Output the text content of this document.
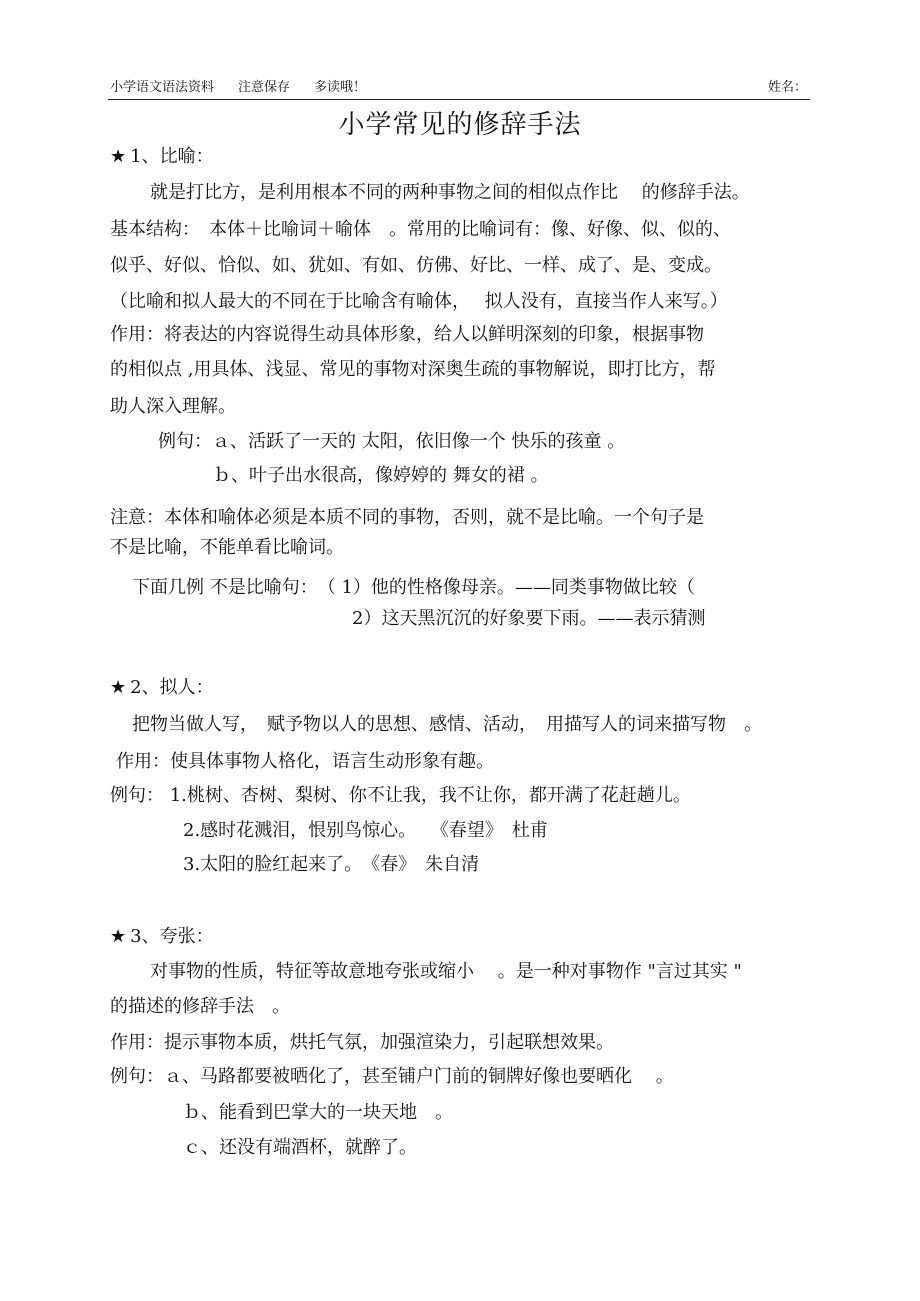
小学语文语法资料 注意保存 多读哦！	姓名：
小学常见的修辞手法
★ 1、比喻：
就是打比方，是利用根本不同的两种事物之间的相似点作比　 的修辞手法。
基本结构：　本体＋比喻词＋喻体　。常用的比喻词有：像、好像、似、似的、
似乎、好似、恰似、如、犹如、有如、仿佛、好比、一样、成了、是、变成。
（比喻和拟人最大的不同在于比喻含有喻体，　 拟人没有，直接当作人来写。）
作用：将表达的内容说得生动具体形象，给人以鲜明深刻的印象，根据事物
的相似点 ,用具体、浅显、常见的事物对深奥生疏的事物解说，即打比方，帮
助人深入理解。
例句：ａ、活跃了一天的 太阳，依旧像一个 快乐的孩童 。
ｂ、叶子出水很高，像婷婷的 舞女的裙 。
注意：本体和喻体必须是本质不同的事物，否则，就不是比喻。一个句子是
不是比喻，不能单看比喻词。
下面几例 不是比喻句：　（ 1）他的性格像母亲。——同类事物做比较（
2）这天黑沉沉的好象要下雨。——表示猜测
★ 2、拟人：
把物当做人写，　赋予物以人的思想、感情、活动，　用描写人的词来描写物　。
作用：使具体事物人格化，语言生动形象有趣。
例句： 1.桃树、杏树、梨树、你不让我，我不让你，都开满了花赶趟儿。
2.感时花溅泪，恨别鸟惊心。　 《春望》　杜甫
3.太阳的脸红起来了。　《春》　朱自清
★ 3、夸张：
对事物的性质，特征等故意地夸张或缩小　 。是一种对事物作 "言过其实 "
的描述的修辞手法　。
作用：提示事物本质，烘托气氛，加强渲染力，引起联想效果。
例句：ａ、马路都要被晒化了，甚至铺户门前的铜牌好像也要晒化　 。
ｂ、能看到巴掌大的一块天地　。
ｃ、还没有端酒杯，就醉了。
